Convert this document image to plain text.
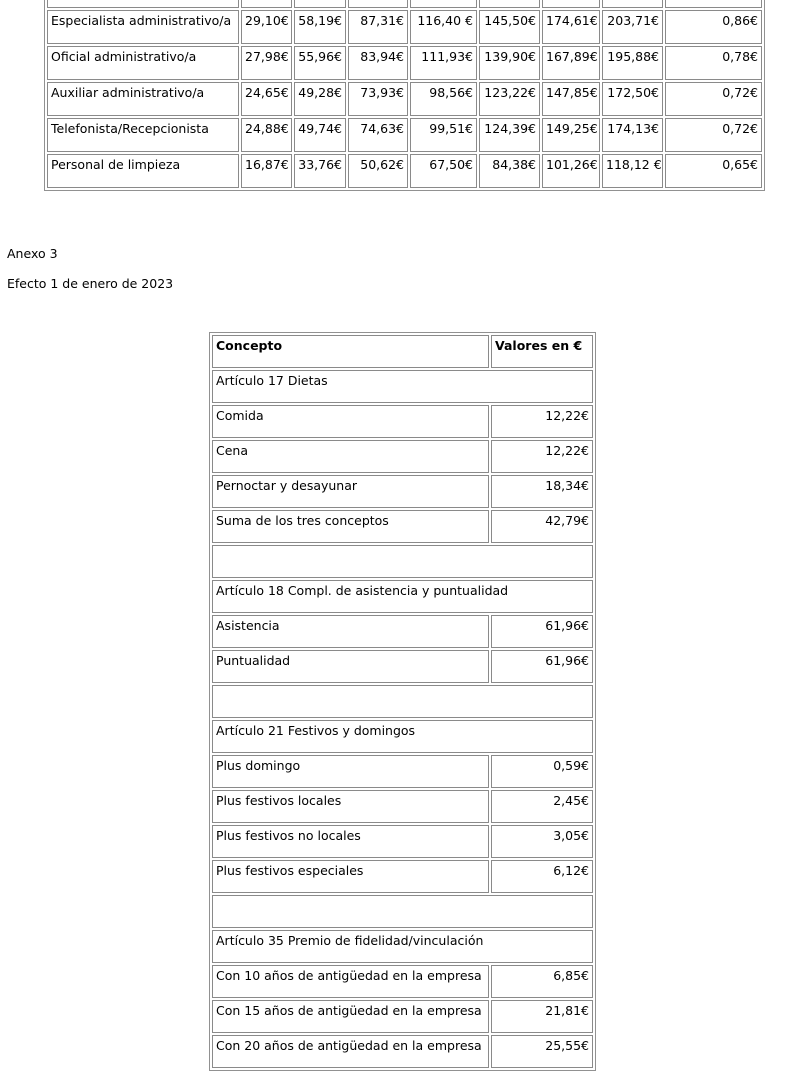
Especialista administrativo/a	29,10€	58,19€	87,31€	116,40 €	145,50€	174,61€	203,71€	0,86€
Oficial administrativo/a	27,98€	55,96€	83,94€	111,93€	139,90€	167,89€	195,88€	0,78€
Auxiliar administrativo/a	24,65€	49,28€	73,93€	98,56€	123,22€	147,85€	172,50€	0,72€
Telefonista/Recepcionista	24,88€	49,74€	74,63€	99,51€	124,39€	149,25€	174,13€	0,72€
Personal de limpieza	16,87€	33,76€	50,62€	67,50€	84,38€	101,26€	118,12 €	0,65€

Anexo 3

Efecto 1 de enero de 2023

Concepto	Valores en €
Artículo 17 Dietas	
Comida	12,22€
Cena	12,22€
Pernoctar y desayunar	18,34€
Suma de los tres conceptos	42,79€

Artículo 18 Compl. de asistencia y puntualidad	
Asistencia	61,96€
Puntualidad	61,96€

Artículo 21 Festivos y domingos	
Plus domingo	0,59€
Plus festivos locales	2,45€
Plus festivos no locales	3,05€
Plus festivos especiales	6,12€

Artículo 35 Premio de fidelidad/vinculación	
Con 10 años de antigüedad en la empresa	6,85€
Con 15 años de antigüedad en la empresa	21,81€
Con 20 años de antigüedad en la empresa	25,55€
